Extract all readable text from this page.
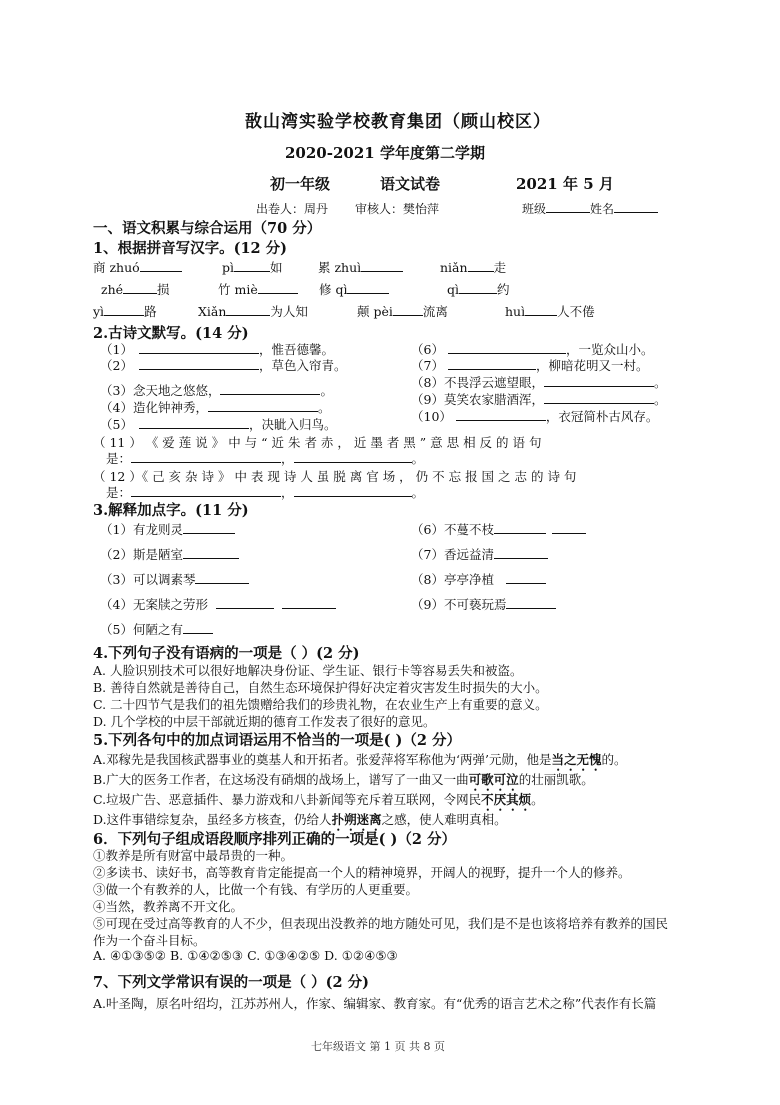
敔山湾实验学校教育集团（顾山校区）
2020-2021 学年度第二学期
初一年级	语文试卷	2021 年 5 月
出卷人：周丹 审核人：樊怡萍	班级	姓名
一、语文积累与综合运用（70 分）
1、根据拼音写汉字。(12 分)
商 zhuó	pì	如	累 zhuì	niǎn 走
zhé	损	竹 miè	修 qì	qì	约
yì	路	Xiǎn	为人知	颠 pèi 流离	huì	人不倦
2.古诗文默写。(14 分)
（1）	，惟吾德馨。
（2）	，草色入帘青。
（3）念天地之悠悠，	。
（4）造化钟神秀，	。
（5）	，决眦入归鸟。
（6）	，一览众山小。
（7）	，柳暗花明又一村。
（8）不畏浮云遮望眼，	。
（9）莫笑农家腊酒浑，	。
（10）	，衣冠简朴古风存。
（ 11 ） 《 爱 莲 说 》 中 与 “ 近 朱 者 赤 ， 近 墨 者 黑 ” 意 思 相 反 的 语 句
是：	，	。
（ 12 ）《 己 亥 杂 诗 》 中 表 现 诗 人 虽 脱 离 官 场 ， 仍 不 忘 报 国 之 志 的 诗 句
是：	，	。
3.解释加点字。(11 分)
（1）有龙则灵
（2）斯是陋室
（3）可以调素琴
（4）无案牍之劳形
（5）何陋之有
（6）不蔓不枝
（7）香远益清
（8）亭亭净植
（9）不可亵玩焉
4.下列句子没有语病的一项是（ ）(2 分)
A. 人脸识别技术可以很好地解决身份证、学生证、银行卡等容易丢失和被盗。
B. 善待自然就是善待自己，自然生态环境保护得好决定着灾害发生时损失的大小。
C. 二十四节气是我们的祖先馈赠给我们的珍贵礼物，在农业生产上有重要的意义。
D. 几个学校的中层干部就近期的德育工作发表了很好的意见。
5.下列各句中的加点词语运用不恰当的一项是( )（2 分）
A.邓稼先是我国核武器事业的奠基人和开拓者。张爱萍将军称他为‘两弹’元勋，他是当之无愧的。
B.广大的医务工作者，在这场没有硝烟的战场上，谱写了一曲又一曲可歌可泣的壮丽凯歌。
C.垃圾广告、恶意插件、暴力游戏和八卦新闻等充斥着互联网，令网民不厌其烦。
D.这件事错综复杂，虽经多方核查，仍给人扑朔迷离之感，使人难明真相。
6．下列句子组成语段顺序排列正确的一项是( )（2 分）
①教养是所有财富中最昂贵的一种。
②多读书、读好书，高等教育肯定能提高一个人的精神境界，开阔人的视野，提升一个人的修养。
③做一个有教养的人，比做一个有钱、有学历的人更重要。
④当然，教养离不开文化。
⑤可现在受过高等教育的人不少，但表现出没教养的地方随处可见，我们是不是也该将培养有教养的国民
作为一个奋斗目标。
A. ④①③⑤② B. ①④②⑤③ C. ①③④②⑤ D. ①②④⑤③
7、下列文学常识有误的一项是（ ）(2 分)
A.叶圣陶，原名叶绍均，江苏苏州人，作家、编辑家、教育家。有“优秀的语言艺术之称”代表作有长篇
七年级语文 第 1 页 共 8 页
